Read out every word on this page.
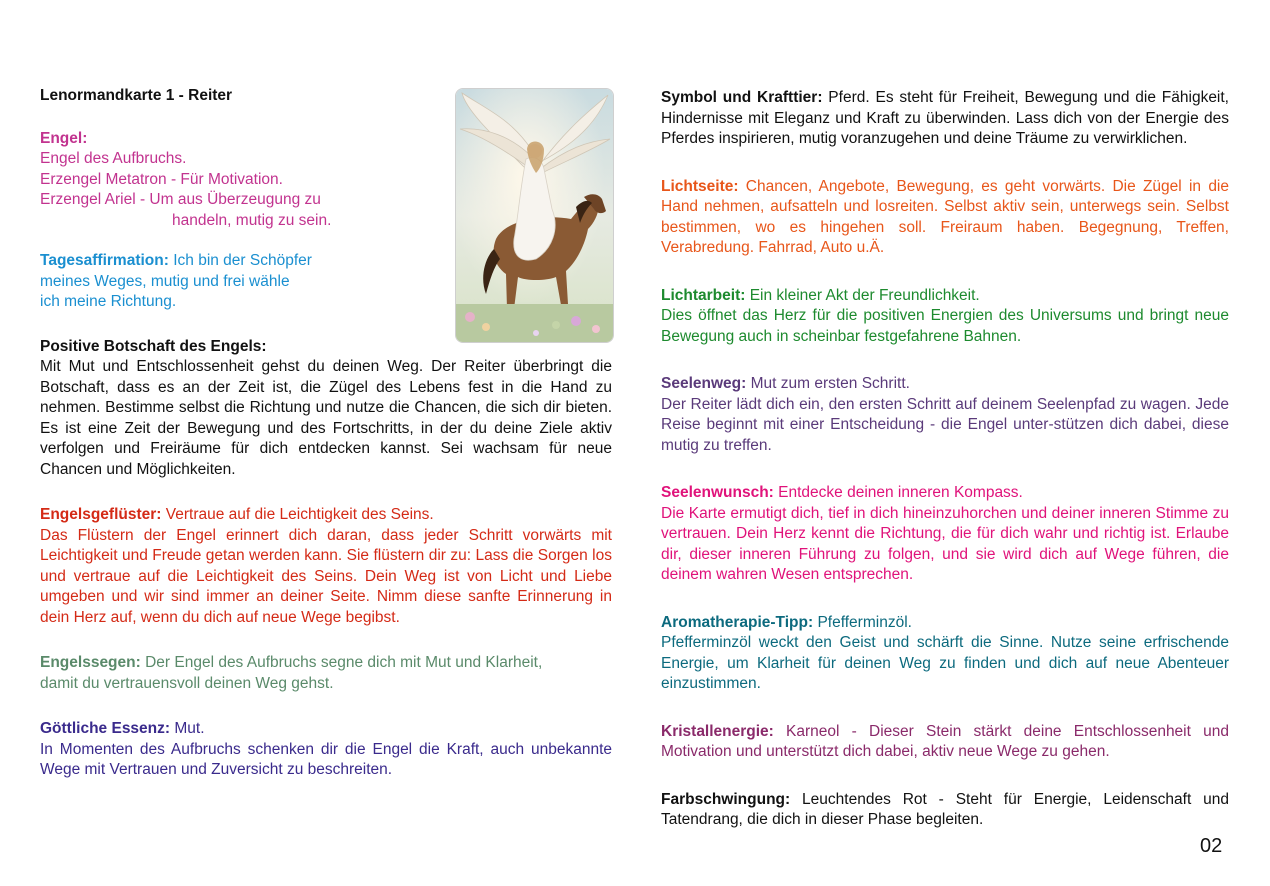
Lenormandkarte 1 - Reiter
Engel:
Engel des Aufbruchs.
Erzengel Metatron - Für Motivation.
Erzengel Ariel - Um aus Überzeugung zu
handeln, mutig zu sein.
Tagesaffirmation: Ich bin der Schöpfer
meines Weges, mutig und frei wähle
ich meine Richtung.
Positive Botschaft des Engels:
Mit Mut und Entschlossenheit gehst du deinen Weg. Der Reiter überbringt die Botschaft, dass es an der Zeit ist, die Zügel des Lebens fest in die Hand zu nehmen. Bestimme selbst die Richtung und nutze die Chancen, die sich dir bieten. Es ist eine Zeit der Bewegung und des Fortschritts, in der du deine Ziele aktiv verfolgen und Freiräume für dich entdecken kannst. Sei wachsam für neue Chancen und Möglichkeiten.
Engelsgeflüster: Vertraue auf die Leichtigkeit des Seins.
Das Flüstern der Engel erinnert dich daran, dass jeder Schritt vorwärts mit Leichtigkeit und Freude getan werden kann. Sie flüstern dir zu: Lass die Sorgen los und vertraue auf die Leichtigkeit des Seins. Dein Weg ist von Licht und Liebe umgeben und wir sind immer an deiner Seite. Nimm diese sanfte Erinnerung in dein Herz auf, wenn du dich auf neue Wege begibst.
Engelssegen: Der Engel des Aufbruchs segne dich mit Mut und Klarheit, damit du vertrauensvoll deinen Weg gehst.
Göttliche Essenz: Mut.
In Momenten des Aufbruchs schenken dir die Engel die Kraft, auch unbekannte Wege mit Vertrauen und Zuversicht zu beschreiten.
Symbol und Krafttier: Pferd. Es steht für Freiheit, Bewegung und die Fähigkeit, Hindernisse mit Eleganz und Kraft zu überwinden. Lass dich von der Energie des Pferdes inspirieren, mutig voranzugehen und deine Träume zu verwirklichen.
Lichtseite: Chancen, Angebote, Bewegung, es geht vorwärts. Die Zügel in die Hand nehmen, aufsatteln und losreiten. Selbst aktiv sein, unterwegs sein. Selbst bestimmen, wo es hingehen soll. Freiraum haben. Begegnung, Treffen, Verabredung. Fahrrad, Auto u.Ä.
Lichtarbeit: Ein kleiner Akt der Freundlichkeit.
Dies öffnet das Herz für die positiven Energien des Universums und bringt neue Bewegung auch in scheinbar festgefahrene Bahnen.
Seelenweg: Mut zum ersten Schritt.
Der Reiter lädt dich ein, den ersten Schritt auf deinem Seelenpfad zu wagen. Jede Reise beginnt mit einer Entscheidung - die Engel unter-stützen dich dabei, diese mutig zu treffen.
Seelenwunsch: Entdecke deinen inneren Kompass.
Die Karte ermutigt dich, tief in dich hineinzuhorchen und deiner inneren Stimme zu vertrauen. Dein Herz kennt die Richtung, die für dich wahr und richtig ist. Erlaube dir, dieser inneren Führung zu folgen, und sie wird dich auf Wege führen, die deinem wahren Wesen entsprechen.
Aromatherapie-Tipp: Pfefferminzöl.
Pfefferminzöl weckt den Geist und schärft die Sinne. Nutze seine erfrischende Energie, um Klarheit für deinen Weg zu finden und dich auf neue Abenteuer einzustimmen.
Kristallenergie: Karneol - Dieser Stein stärkt deine Entschlossenheit und Motivation und unterstützt dich dabei, aktiv neue Wege zu gehen.
Farbschwingung: Leuchtendes Rot - Steht für Energie, Leidenschaft und Tatendrang, die dich in dieser Phase begleiten.
02
